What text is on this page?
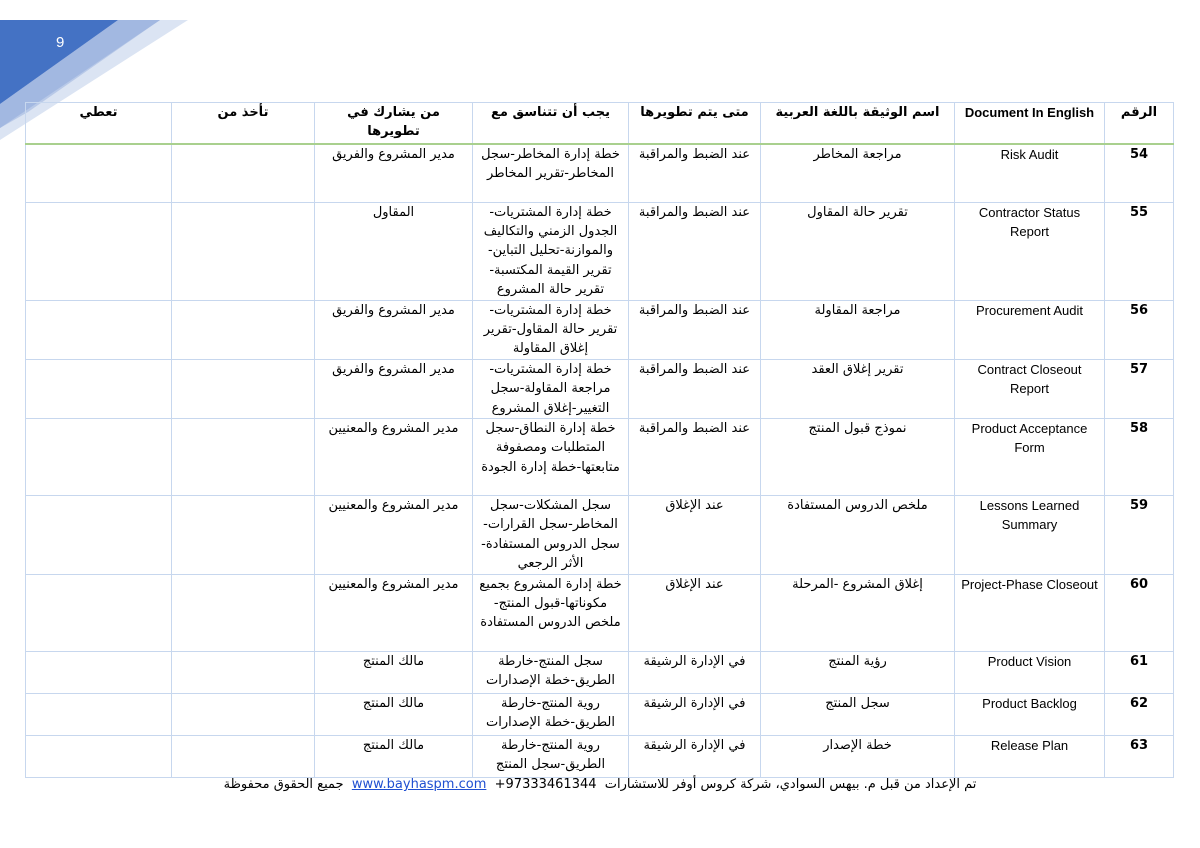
9
الرقم	Document In English	اسم الوثيقة باللغة العربية	متى يتم تطويرها	يجب أن تتناسق مع	من يشارك في تطويرها	تأخذ من	تعطي
54	Risk Audit	مراجعة المخاطر	عند الضبط والمراقبة	خطة إدارة المخاطر-سجل المخاطر-تقرير المخاطر	مدير المشروع والفريق		
55	Contractor Status Report	تقرير حالة المقاول	عند الضبط والمراقبة	خطة إدارة المشتريات-الجدول الزمني والتكاليف والموازنة-تحليل التباين-تقرير القيمة المكتسبة-تقرير حالة المشروع	المقاول		
56	Procurement Audit	مراجعة المقاولة	عند الضبط والمراقبة	خطة إدارة المشتريات-تقرير حالة المقاول-تقرير إغلاق المقاولة	مدير المشروع والفريق		
57	Contract Closeout Report	تقرير إغلاق العقد	عند الضبط والمراقبة	خطة إدارة المشتريات-مراجعة المقاولة-سجل التغيير-إغلاق المشروع	مدير المشروع والفريق		
58	Product Acceptance Form	نموذج قبول المنتج	عند الضبط والمراقبة	خطة إدارة النطاق-سجل المتطلبات ومصفوفة متابعتها-خطة إدارة الجودة	مدير المشروع والمعنيين		
59	Lessons Learned Summary	ملخص الدروس المستفادة	عند الإغلاق	سجل المشكلات-سجل المخاطر-سجل القرارات-سجل الدروس المستفادة- الأثر الرجعي	مدير المشروع والمعنيين		
60	Project-Phase Closeout	إغلاق المشروع -المرحلة	عند الإغلاق	خطة إدارة المشروع بجميع مكوناتها-قبول المنتج-ملخص الدروس المستفادة	مدير المشروع والمعنيين		
61	Product Vision	رؤية المنتج	في الإدارة الرشيقة	سجل المنتج-خارطة الطريق-خطة الإصدارات	مالك المنتج		
62	Product Backlog	سجل المنتج	في الإدارة الرشيقة	روية المنتج-خارطة الطريق-خطة الإصدارات	مالك المنتج		
63	Release Plan	خطة الإصدار	في الإدارة الرشيقة	روية المنتج-خارطة الطريق-سجل المنتج	مالك المنتج		
تم الإعداد من قبل م. بيهس السوادي، شركة كروس أوفر للاستشارات  +97333461344  www.bayhaspm.com  جميع الحقوق محفوظة
